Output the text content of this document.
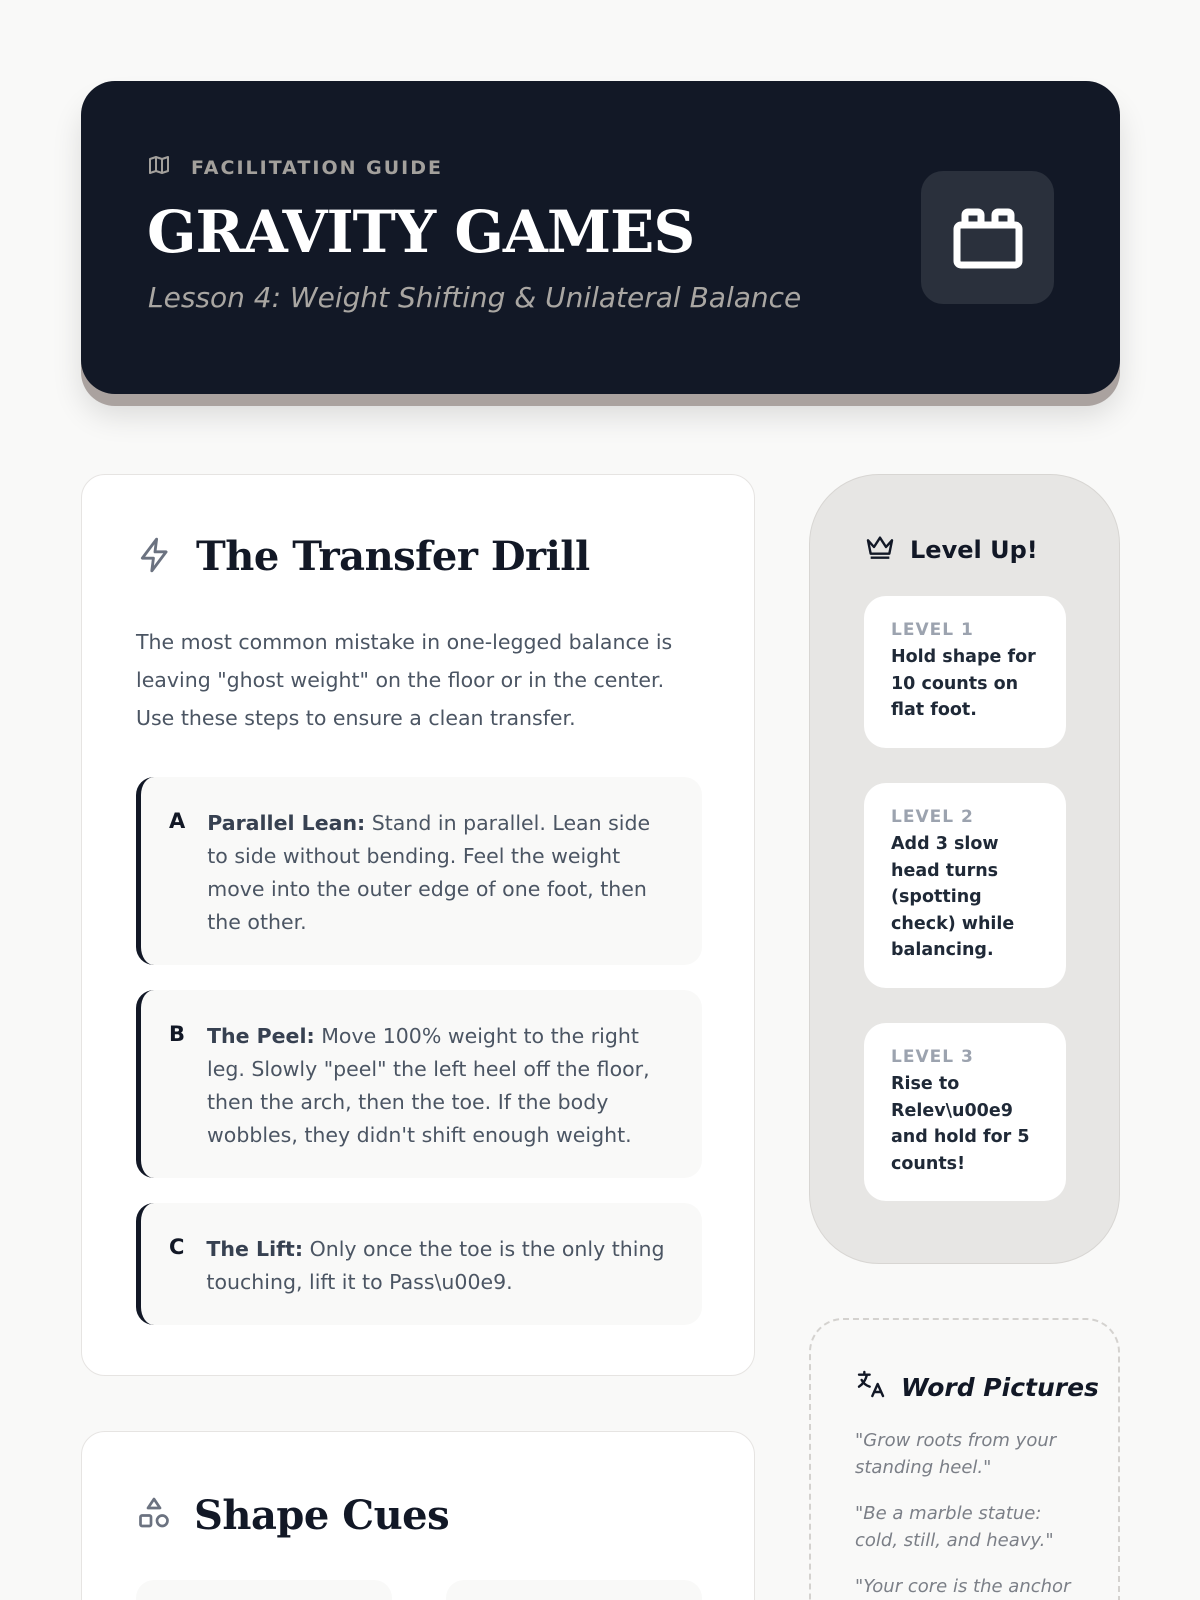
FACILITATION GUIDE
GRAVITY GAMES
Lesson 4: Weight Shifting & Unilateral Balance
The Transfer Drill

The most common mistake in one-legged balance is leaving "ghost weight" on the floor or in the center. Use these steps to ensure a clean transfer.

A Parallel Lean: Stand in parallel. Lean side to side without bending. Feel the weight move into the outer edge of one foot, then the other.
B The Peel: Move 100% weight to the right leg. Slowly "peel" the left heel off the floor, then the arch, then the toe. If the body wobbles, they didn't shift enough weight.
C The Lift: Only once the toe is the only thing touching, lift it to Pass\u00e9.
Shape Cues
Level Up!
LEVEL 1
Hold shape for 10 counts on flat foot.
LEVEL 2
Add 3 slow head turns (spotting check) while balancing.
LEVEL 3
Rise to Relev\u00e9 and hold for 5 counts!
Word Pictures

"Grow roots from your standing heel."

"Be a marble statue: cold, still, and heavy."

"Your core is the anchor
